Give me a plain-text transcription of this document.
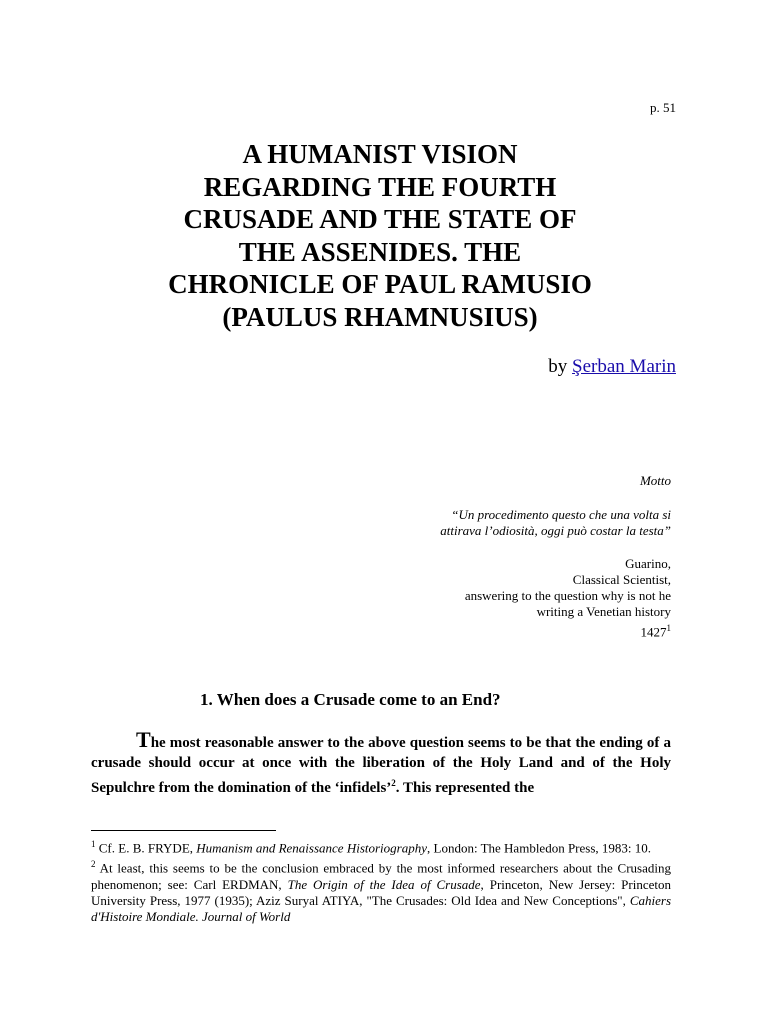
p. 51
A HUMANIST VISION
REGARDING THE FOURTH
CRUSADE AND THE STATE OF
THE ASSENIDES. THE
CHRONICLE OF PAUL RAMUSIO
(PAULUS RHAMNUSIUS)
by Şerban Marin
Motto
“Un procedimento questo che una volta si
attirava l’odiosità, oggi può costar la testa”
Guarino,
Classical Scientist,
answering to the question why is not he
writing a Venetian history
1427$^1$
1. When does a Crusade come to an End?
The most reasonable answer to the above question seems to be that the ending of a crusade should occur at once with the liberation of the Holy Land and of the Holy Sepulchre from the domination of the ‘infidels’$^2$. This represented the

$^1$ Cf. E. B. FRYDE, Humanism and Renaissance Historiography, London: The Hambledon Press, 1983: 10.

$^2$ At least, this seems to be the conclusion embraced by the most informed researchers about the Crusading phenomenon; see: Carl ERDMAN, The Origin of the Idea of Crusade, Princeton, New Jersey: Princeton University Press, 1977 (1935); Aziz Suryal ATIYA, "The Crusades: Old Idea and New Conceptions", Cahiers d'Histoire Mondiale. Journal of World
